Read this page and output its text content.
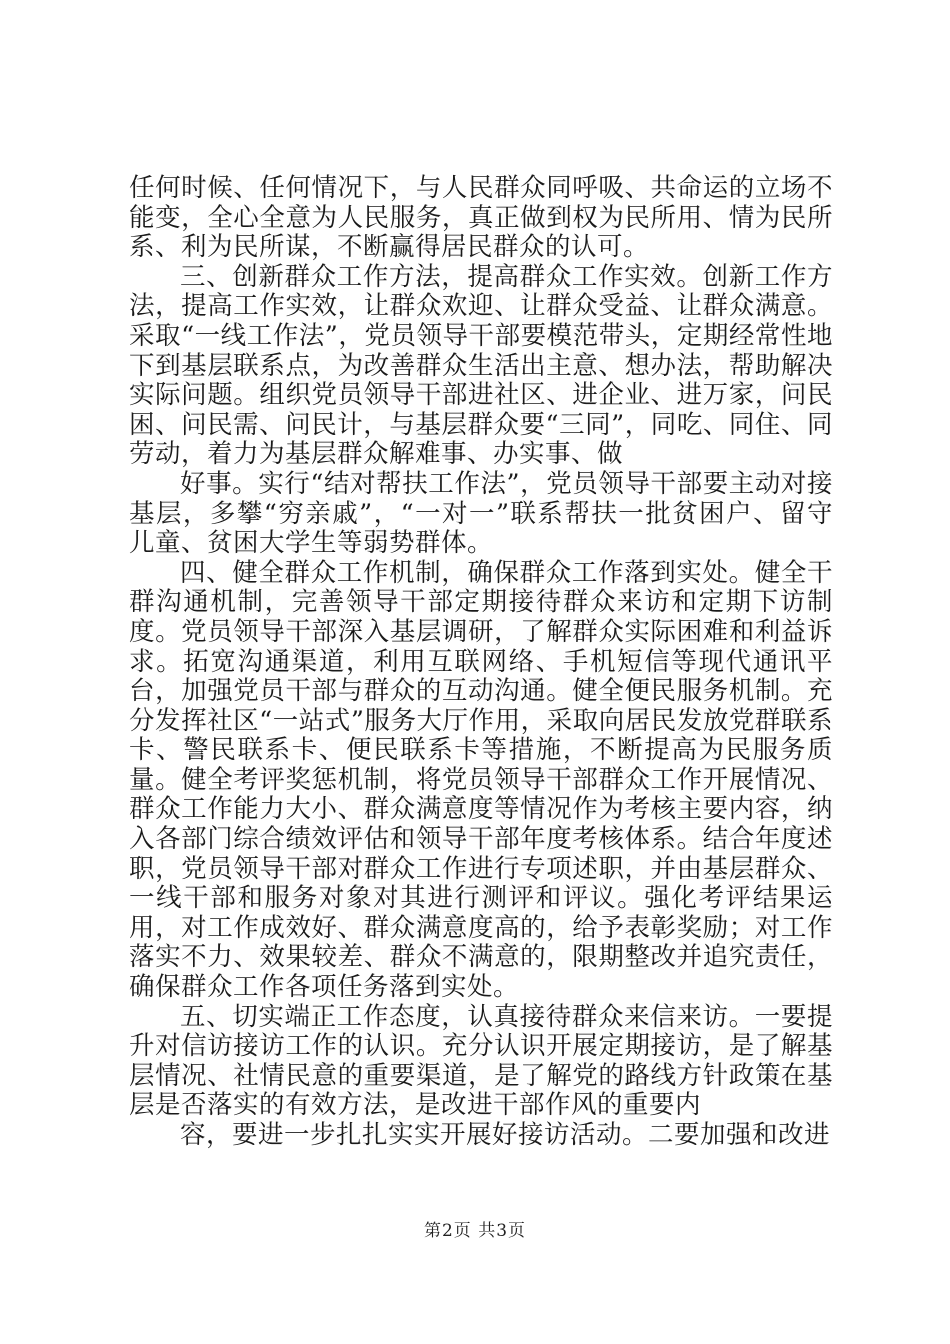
任何时候、任何情况下，与人民群众同呼吸、共命运的立场不能变，全心全意为人民服务，真正做到权为民所用、情为民所系、利为民所谋，不断赢得居民群众的认可。

三、创新群众工作方法，提高群众工作实效。创新工作方法，提高工作实效，让群众欢迎、让群众受益、让群众满意。采取“一线工作法”，党员领导干部要模范带头，定期经常性地下到基层联系点，为改善群众生活出主意、想办法，帮助解决实际问题。组织党员领导干部进社区、进企业、进万家，问民困、问民需、问民计，与基层群众要“三同”，同吃、同住、同劳动，着力为基层群众解难事、办实事、做

好事。实行“结对帮扶工作法”，党员领导干部要主动对接基层，多攀“穷亲戚”，“一对一”联系帮扶一批贫困户、留守儿童、贫困大学生等弱势群体。

四、健全群众工作机制，确保群众工作落到实处。健全干群沟通机制，完善领导干部定期接待群众来访和定期下访制度。党员领导干部深入基层调研，了解群众实际困难和利益诉求。拓宽沟通渠道，利用互联网络、手机短信等现代通讯平台，加强党员干部与群众的互动沟通。健全便民服务机制。充分发挥社区“一站式”服务大厅作用，采取向居民发放党群联系卡、警民联系卡、便民联系卡等措施，不断提高为民服务质量。健全考评奖惩机制，将党员领导干部群众工作开展情况、群众工作能力大小、群众满意度等情况作为考核主要内容，纳入各部门综合绩效评估和领导干部年度考核体系。结合年度述职，党员领导干部对群众工作进行专项述职，并由基层群众、一线干部和服务对象对其进行测评和评议。强化考评结果运用，对工作成效好、群众满意度高的，给予表彰奖励；对工作落实不力、效果较差、群众不满意的，限期整改并追究责任，确保群众工作各项任务落到实处。

五、切实端正工作态度，认真接待群众来信来访。一要提升对信访接访工作的认识。充分认识开展定期接访，是了解基层情况、社情民意的重要渠道，是了解党的路线方针政策在基层是否落实的有效方法，是改进干部作风的重要内

容，要进一步扎扎实实开展好接访活动。二要加强和改进

第2页 共3页
